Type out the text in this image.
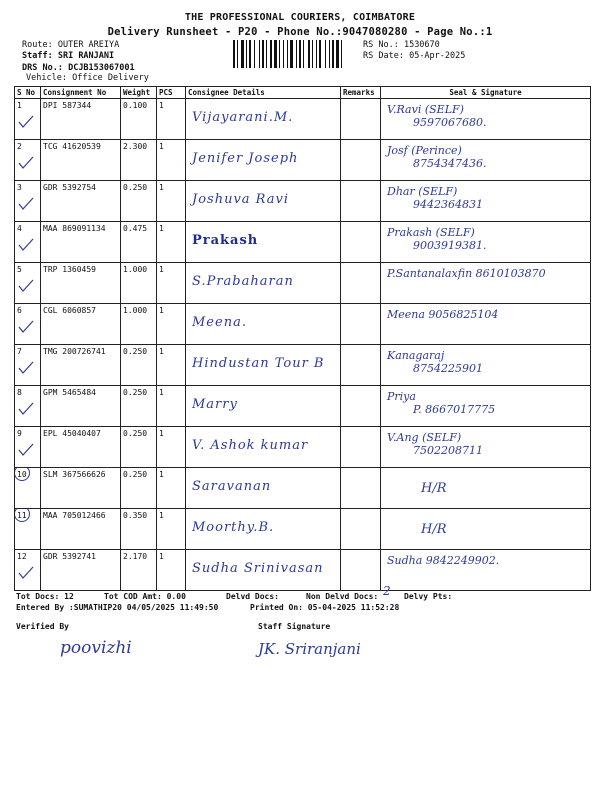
THE PROFESSIONAL COURIERS, COIMBATORE
Delivery Runsheet - P20 - Phone No.:9047080280 - Page No.:1
Route: OUTER AREIYA
Staff: SRI RANJANI
DRS No.: DCJB153067001
Vehicle: Office Delivery
RS No.: 1530670
RS Date: 05-Apr-2025
S No	Consignment No	Weight	PCS	Consignee Details	Remarks	Seal & Signature
1	DPI 587344	0.100	1	Vijayarani.M.		V.Ravi (SELF)
9597067680.

2	TCG 41620539	2.300	1	Jenifer Joseph		Josf (Perince)
8754347436.

3	GDR 5392754	0.250	1	Joshuva Ravi		Dhar (SELF)
9442364831

4	MAA 869091134	0.475	1	Prakash		Prakash (SELF)
9003919381.

5	TRP 1360459	1.000	1	S.Prabaharan		P.Santanalaxfin 8610103870

6	CGL 6060857	1.000	1	Meena.		Meena 9056825104

7	TMG 200726741	0.250	1	Hindustan Tour B		Kanagaraj
8754225901

8	GPM 5465484	0.250	1	Marry		Priya
P. 8667017775

9	EPL 45040407	0.250	1	V. Ashok kumar		V.Ang (SELF)
7502208711

10	SLM 367566626	0.250	1	Saravanan		H/R

11	MAA 705012466	0.350	1	Moorthy.B.		H/R

12	GDR 5392741	2.170	1	Sudha Srinivasan		Sudha 9842249902.
Tot Docs: 12	Tot COD Amt: 0.00	Delvd Docs:	Non Delvd Docs: 2 Delvy Pts:
Entered By :SUMATHIP20 04/05/2025 11:49:50	Printed On: 05-04-2025 11:52:28
Verified By
poovizhi
Staff Signature
JK. Sriranjani
